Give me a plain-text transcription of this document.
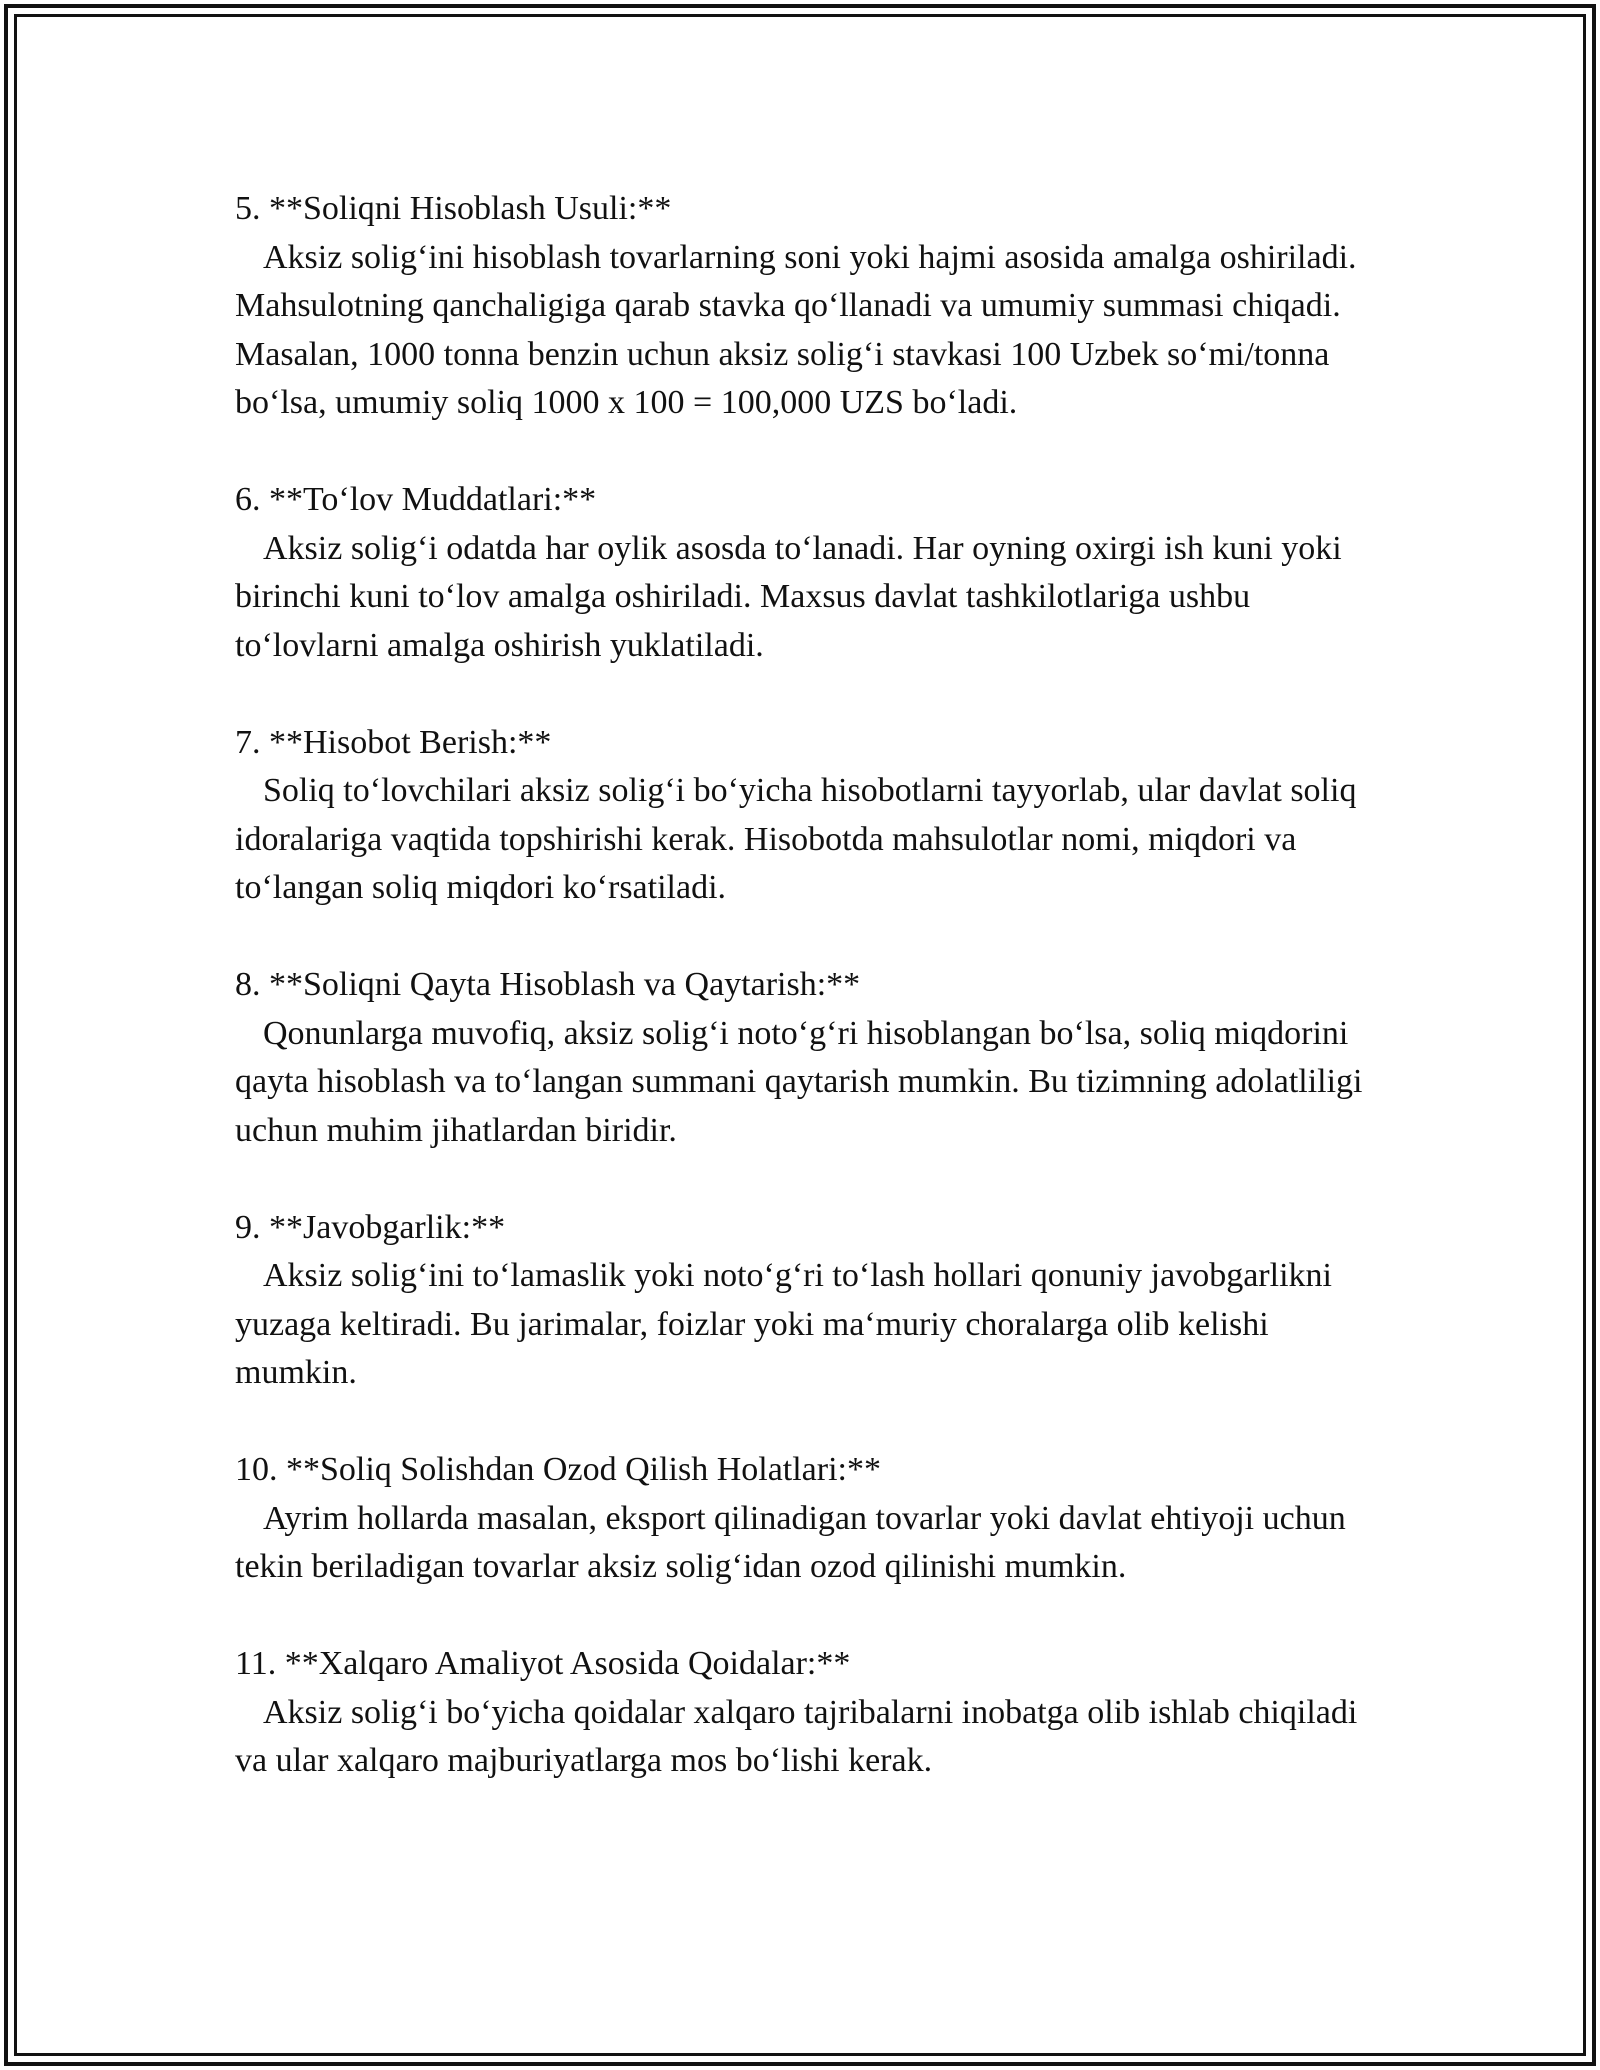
5. **Soliqni Hisoblash Usuli:**
Aksiz solig‘ini hisoblash tovarlarning soni yoki hajmi asosida amalga oshiriladi. Mahsulotning qanchaligiga qarab stavka qo‘llanadi va umumiy summasi chiqadi. Masalan, 1000 tonna benzin uchun aksiz solig‘i stavkasi 100 Uzbek so‘mi/tonna bo‘lsa, umumiy soliq 1000 x 100 = 100,000 UZS bo‘ladi.
6. **To‘lov Muddatlari:**
Aksiz solig‘i odatda har oylik asosda to‘lanadi. Har oyning oxirgi ish kuni yoki birinchi kuni to‘lov amalga oshiriladi. Maxsus davlat tashkilotlariga ushbu to‘lovlarni amalga oshirish yuklatiladi.
7. **Hisobot Berish:**
Soliq to‘lovchilari aksiz solig‘i bo‘yicha hisobotlarni tayyorlab, ular davlat soliq idoralariga vaqtida topshirishi kerak. Hisobotda mahsulotlar nomi, miqdori va to‘langan soliq miqdori ko‘rsatiladi.
8. **Soliqni Qayta Hisoblash va Qaytarish:**
Qonunlarga muvofiq, aksiz solig‘i noto‘g‘ri hisoblangan bo‘lsa, soliq miqdorini qayta hisoblash va to‘langan summani qaytarish mumkin. Bu tizimning adolatliligi uchun muhim jihatlardan biridir.
9. **Javobgarlik:**
Aksiz solig‘ini to‘lamaslik yoki noto‘g‘ri to‘lash hollari qonuniy javobgarlikni yuzaga keltiradi. Bu jarimalar, foizlar yoki ma‘muriy choralarga olib kelishi mumkin.
10. **Soliq Solishdan Ozod Qilish Holatlari:**
Ayrim hollarda masalan, eksport qilinadigan tovarlar yoki davlat ehtiyoji uchun tekin beriladigan tovarlar aksiz solig‘idan ozod qilinishi mumkin.
11. **Xalqaro Amaliyot Asosida Qoidalar:**
Aksiz solig‘i bo‘yicha qoidalar xalqaro tajribalarni inobatga olib ishlab chiqiladi va ular xalqaro majburiyatlarga mos bo‘lishi kerak.
